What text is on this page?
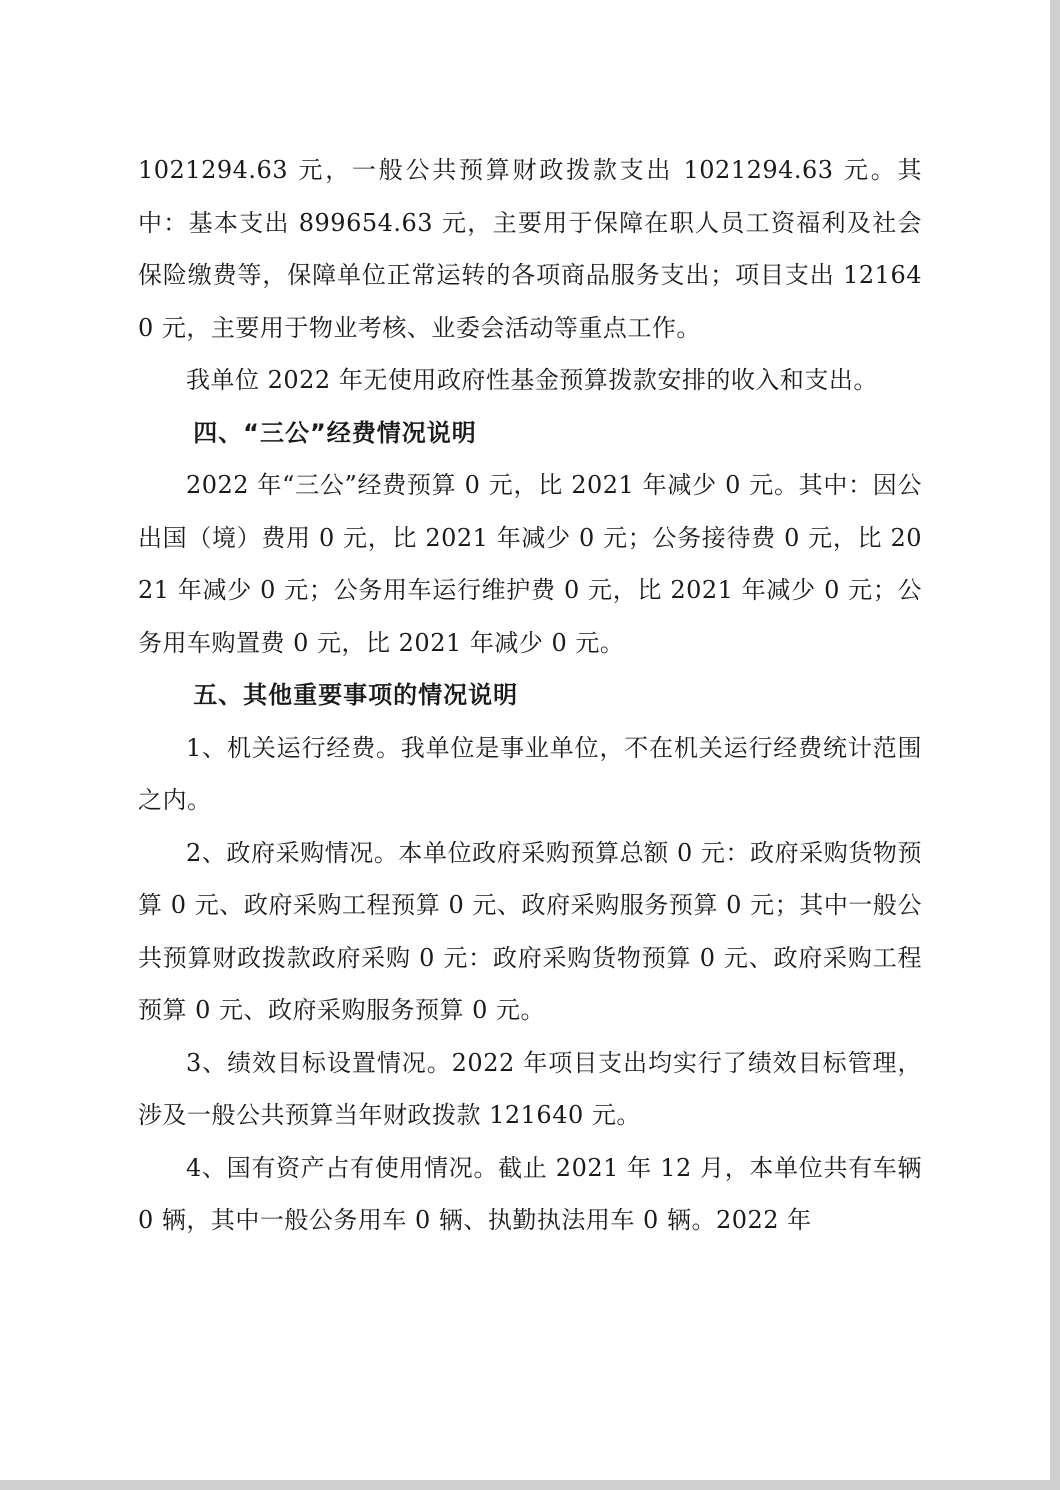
1021294.63 元，一般公共预算财政拨款支出 1021294.63 元。其中：基本支出 899654.63 元，主要用于保障在职人员工资福利及社会保险缴费等，保障单位正常运转的各项商品服务支出；项目支出 121640 元，主要用于物业考核、业委会活动等重点工作。

我单位 2022 年无使用政府性基金预算拨款安排的收入和支出。

四、“三公”经费情况说明

2022 年“三公”经费预算 0 元，比 2021 年减少 0 元。其中：因公出国（境）费用 0 元，比 2021 年减少 0 元；公务接待费 0 元，比 2021 年减少 0 元；公务用车运行维护费 0 元，比 2021 年减少 0 元；公务用车购置费 0 元，比 2021 年减少 0 元。

五、其他重要事项的情况说明

1、机关运行经费。我单位是事业单位，不在机关运行经费统计范围之内。

2、政府采购情况。本单位政府采购预算总额 0 元：政府采购货物预算 0 元、政府采购工程预算 0 元、政府采购服务预算 0 元；其中一般公共预算财政拨款政府采购 0 元：政府采购货物预算 0 元、政府采购工程预算 0 元、政府采购服务预算 0 元。

3、绩效目标设置情况。2022 年项目支出均实行了绩效目标管理，涉及一般公共预算当年财政拨款 121640 元。

4、国有资产占有使用情况。截止 2021 年 12 月，本单位共有车辆 0 辆，其中一般公务用车 0 辆、执勤执法用车 0 辆。2022 年
